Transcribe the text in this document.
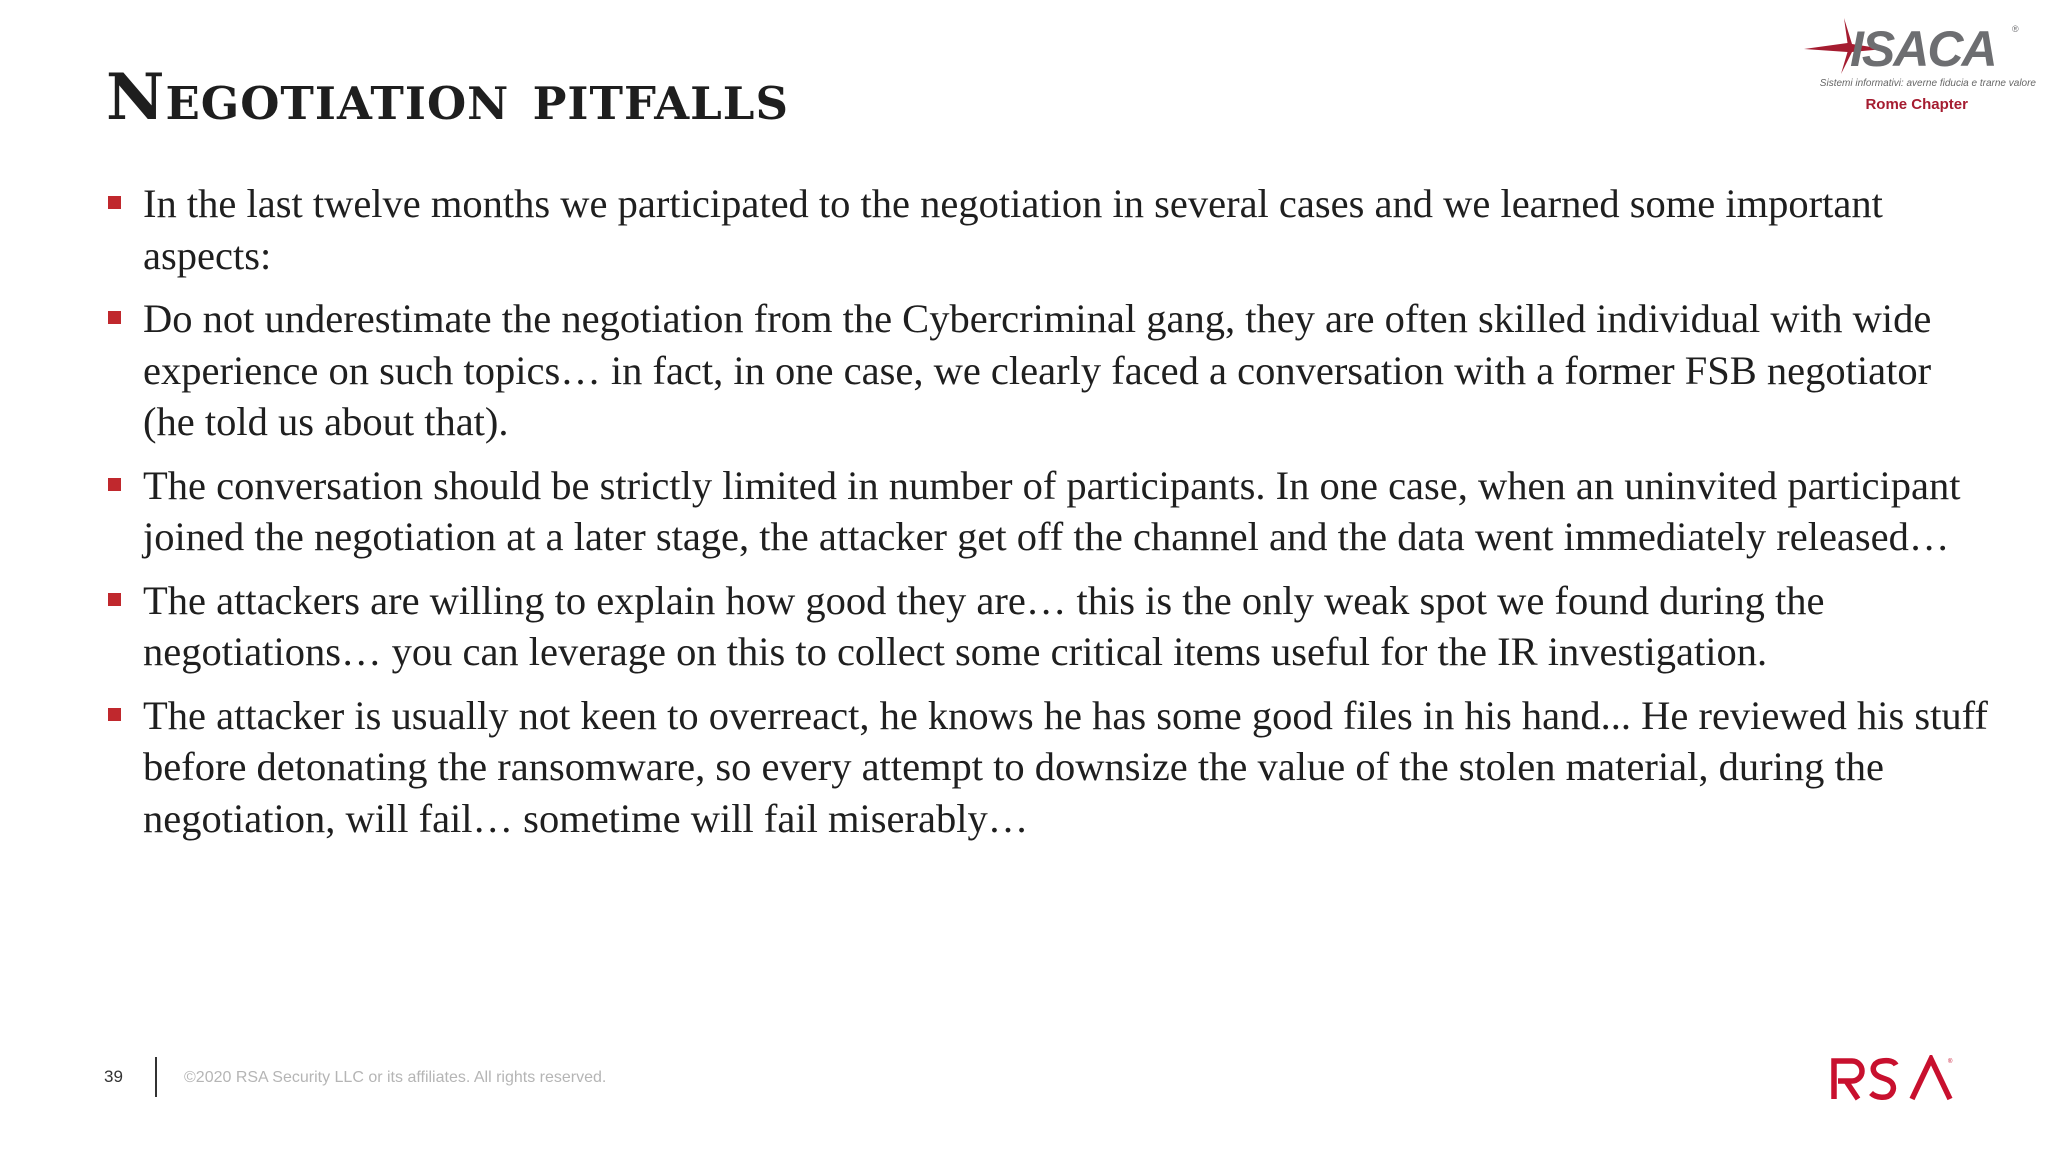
Negotiation pitfalls
ISACA ®
Sistemi informativi: averne fiducia e trarne valore
Rome Chapter
In the last twelve months we participated to the negotiation in several cases and we learned some important aspects:
Do not underestimate the negotiation from the Cybercriminal gang, they are often skilled individual with wide experience on such topics… in fact, in one case, we clearly faced a conversation with a former FSB negotiator (he told us about that).
The conversation should be strictly limited in number of participants. In one case, when an uninvited participant joined the negotiation at a later stage, the attacker get off the channel and the data went immediately released…
The attackers are willing to explain how good they are… this is the only weak spot we found during the negotiations… you can leverage on this to collect some critical items useful for the IR investigation.
The attacker is usually not keen to overreact, he knows he has some good files in his hand... He reviewed his stuff before detonating the ransomware, so every attempt to downsize the value of the stolen material, during the negotiation, will fail… sometime will fail miserably…
39	©2020 RSA Security LLC or its affiliates. All rights reserved.
®
